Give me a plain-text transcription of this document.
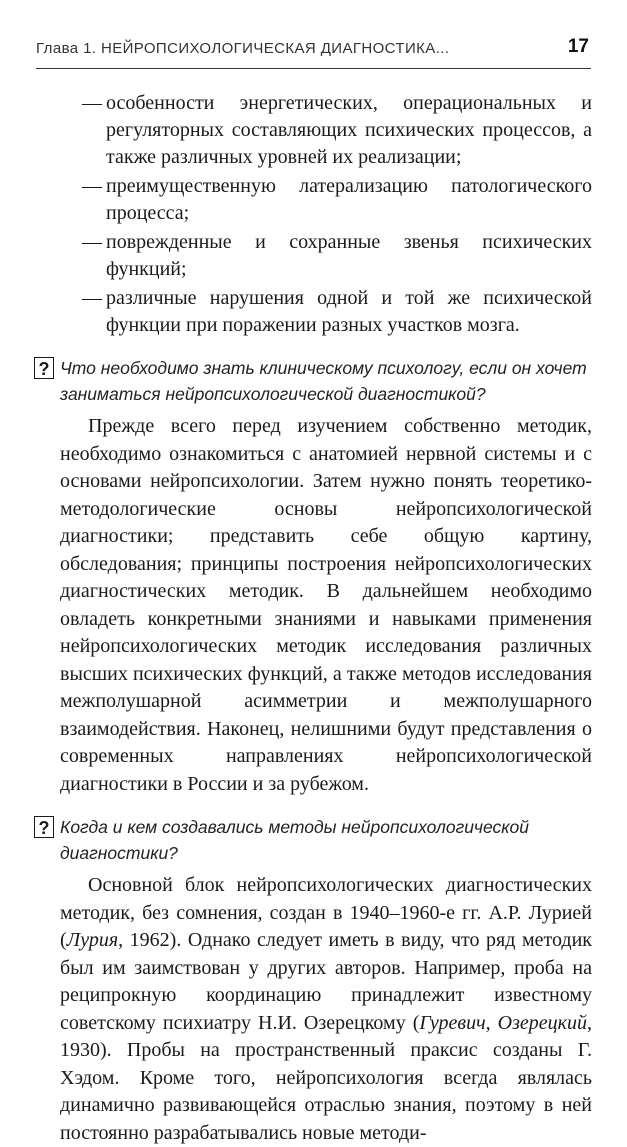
Глава 1. НЕЙРОПСИХОЛОГИЧЕСКАЯ ДИАГНОСТИКА...	17
— особенности энергетических, операциональных и регуляторных составляющих психических процессов, а также различных уровней их реализации;
— преимущественную латерализацию патологического процесса;
— поврежденные и сохранные звенья психических функций;
— различные нарушения одной и той же психической функции при поражении разных участков мозга.
? Что необходимо знать клиническому психологу, если он хочет заниматься нейропсихологической диагностикой?

Прежде всего перед изучением собственно методик, необходимо ознакомиться с анатомией нервной системы и с основами нейропсихологии. Затем нужно понять теоретико-методологические основы нейропсихологической диагностики; представить себе общую картину, обследования; принципы построения нейропсихологических диагностических методик. В дальнейшем необходимо овладеть конкретными знаниями и навыками применения нейропсихологических методик исследования различных высших психических функций, а также методов исследования межполушарной асимметрии и межполушарного взаимодействия. Наконец, нелишними будут представления о современных направлениях нейропсихологической диагностики в России и за рубежом.

? Когда и кем создавались методы нейропсихологической диагностики?

Основной блок нейропсихологических диагностических методик, без сомнения, создан в 1940–1960-е гг. А.Р. Лурией (Лурия, 1962). Однако следует иметь в виду, что ряд методик был им заимствован у других авторов. Например, проба на реципрокную координацию принадлежит известному советскому психиатру Н.И. Озерецкому (Гуревич, Озерецкий, 1930). Пробы на пространственный праксис созданы Г. Хэдом. Кроме того, нейропсихология всегда являлась динамично развивающейся отраслью знания, поэтому в ней постоянно разрабатывались новые методи-
